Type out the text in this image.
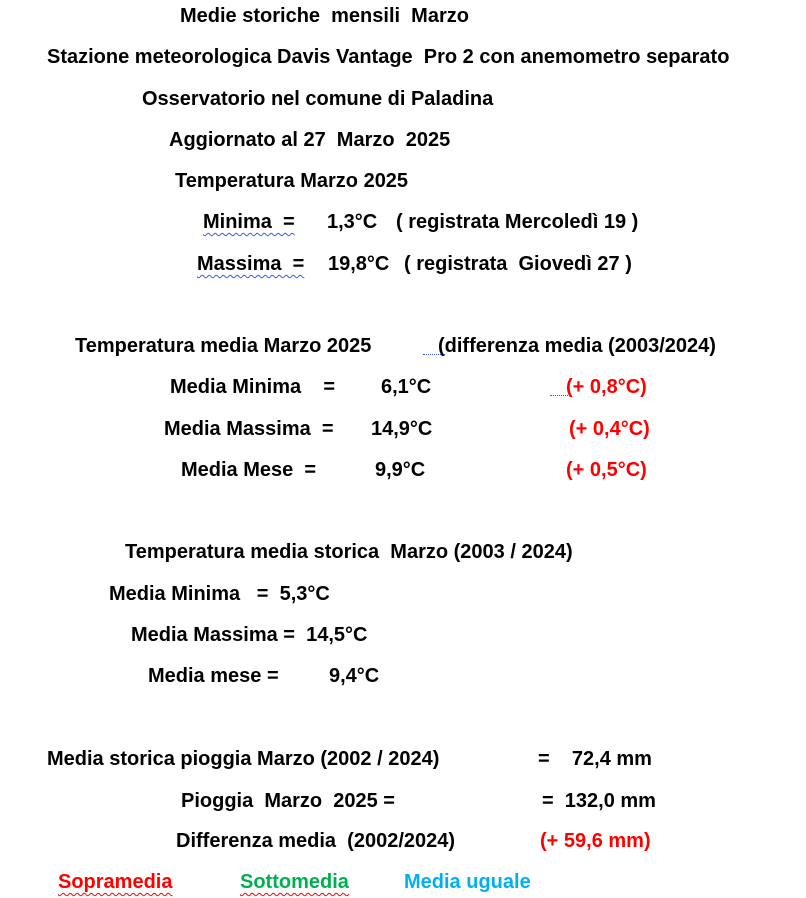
Medie storiche  mensili  Marzo
Stazione meteorologica Davis Vantage  Pro 2 con anemometro separato
Osservatorio nel comune di Paladina
Aggiornato al 27  Marzo  2025
Temperatura Marzo 2025
Minima  = 1,3°C ( registrata Mercoledì 19 )
Massima  = 19,8°C ( registrata  Giovedì 27 )
Temperatura media Marzo 2025	(differenza media (2003/2024)
Media Minima    = 6,1°C	(+ 0,8°C)
Media Massima  = 14,9°C	(+ 0,4°C)
Media Mese  =	9,9°C	(+ 0,5°C)
Temperatura media storica  Marzo (2003 / 2024)
Media Minima   =  5,3°C
Media Massima =  14,5°C
Media mese =	9,4°C
Media storica pioggia Marzo (2002 / 2024)	=    72,4 mm
Pioggia  Marzo  2025 =	=  132,0 mm
Differenza media  (2002/2024)	(+ 59,6 mm)
Sopramedia	Sottomedia	Media uguale
